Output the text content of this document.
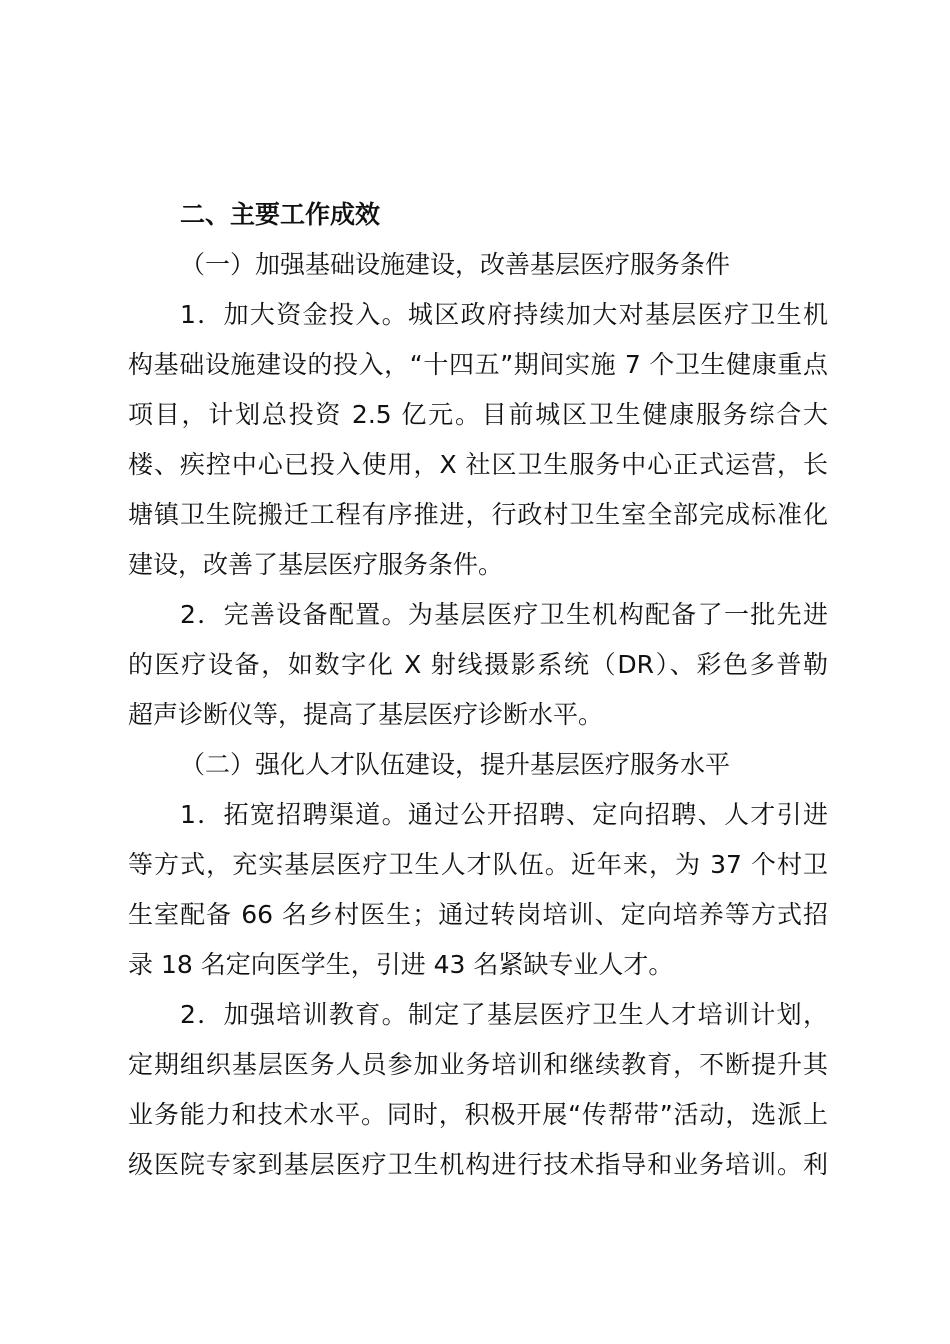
二、主要工作成效
（一）加强基础设施建设，改善基层医疗服务条件
1．加大资金投入。城区政府持续加大对基层医疗卫生机
构基础设施建设的投入，“十四五”期间实施 7 个卫生健康重点
项目，计划总投资 2.5 亿元。目前城区卫生健康服务综合大
楼、疾控中心已投入使用，X 社区卫生服务中心正式运营，长
塘镇卫生院搬迁工程有序推进，行政村卫生室全部完成标准化
建设，改善了基层医疗服务条件。
2．完善设备配置。为基层医疗卫生机构配备了一批先进
的医疗设备，如数字化 X 射线摄影系统（DR）、彩色多普勒
超声诊断仪等，提高了基层医疗诊断水平。
（二）强化人才队伍建设，提升基层医疗服务水平
1．拓宽招聘渠道。通过公开招聘、定向招聘、人才引进
等方式，充实基层医疗卫生人才队伍。近年来，为 37 个村卫
生室配备 66 名乡村医生；通过转岗培训、定向培养等方式招
录 18 名定向医学生，引进 43 名紧缺专业人才。
2．加强培训教育。制定了基层医疗卫生人才培训计划，
定期组织基层医务人员参加业务培训和继续教育，不断提升其
业务能力和技术水平。同时，积极开展“传帮带”活动，选派上
级医院专家到基层医疗卫生机构进行技术指导和业务培训。利
